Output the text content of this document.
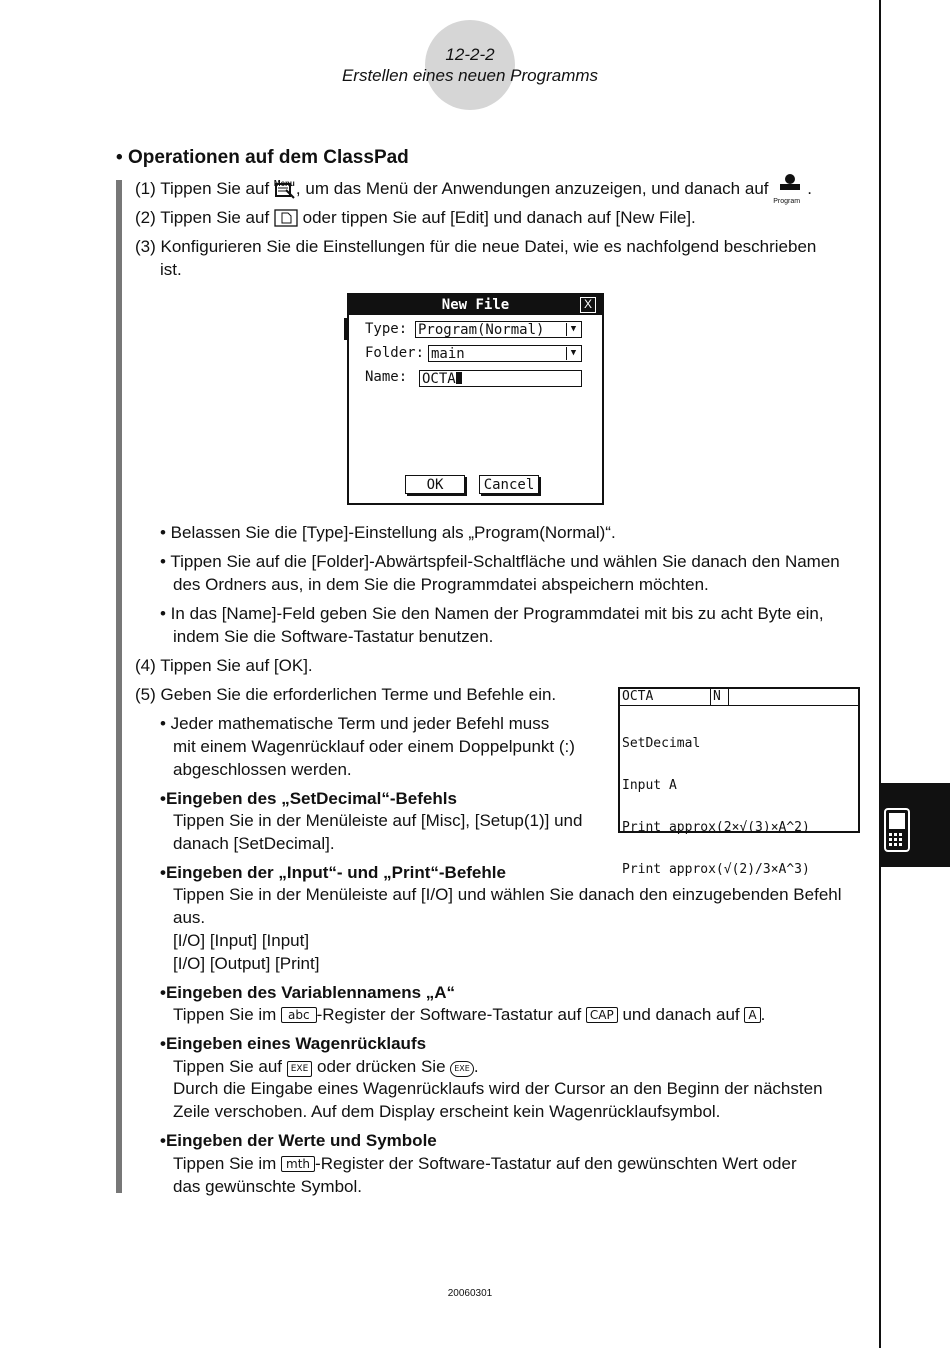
12-2-2
Erstellen eines neuen Programms
• Operationen auf dem ClassPad
(1) Tippen Sie auf Menu , um das Menü der Anwendungen anzuzeigen, und danach auf
Program
.
(2) Tippen Sie auf  oder tippen Sie auf [Edit] und danach auf [New File].
(3) Konfigurieren Sie die Einstellungen für die neue Datei, wie es nachfolgend beschrieben
ist.
New File	X
Type: Program(Normal)	▼
Folder: main	▼
Name: OCTA
OK	Cancel
• Belassen Sie die [Type]-Einstellung als „Program(Normal)“.
• Tippen Sie auf die [Folder]-Abwärtspfeil-Schaltfläche und wählen Sie danach den Namen
des Ordners aus, in dem Sie die Programmdatei abspeichern möchten.
• In das [Name]-Feld geben Sie den Namen der Programmdatei mit bis zu acht Byte ein,
indem Sie die Software-Tastatur benutzen.
(4) Tippen Sie auf [OK].
(5) Geben Sie die erforderlichen Terme und Befehle ein.	OCTA	N

SetDecimal

Input A

Print approx(2×√(3)×A^2)

Print approx(√(2)/3×A^3)

• Jeder mathematische Term und jeder Befehl muss
mit einem Wagenrücklauf oder einem Doppelpunkt (:)
abgeschlossen werden.
•Eingeben des „SetDecimal“-Befehls
Tippen Sie in der Menüleiste auf [Misc], [Setup(1)] und
danach [SetDecimal].
•Eingeben der „Input“- und „Print“-Befehle
Tippen Sie in der Menüleiste auf [I/O] und wählen Sie danach den einzugebenden Befehl
aus.
[I/O] [Input] [Input]
[I/O] [Output] [Print]
•Eingeben des Variablennamens „A“
Tippen Sie im abc -Register der Software-Tastatur auf CAP und danach auf A .
•Eingeben eines Wagenrücklaufs
Tippen Sie auf EXE oder drücken Sie EXE .
Durch die Eingabe eines Wagenrücklaufs wird der Cursor an den Beginn der nächsten
Zeile verschoben. Auf dem Display erscheint kein Wagenrücklaufsymbol.
•Eingeben der Werte und Symbole
Tippen Sie im mth -Register der Software-Tastatur auf den gewünschten Wert oder
das gewünschte Symbol.
20060301
